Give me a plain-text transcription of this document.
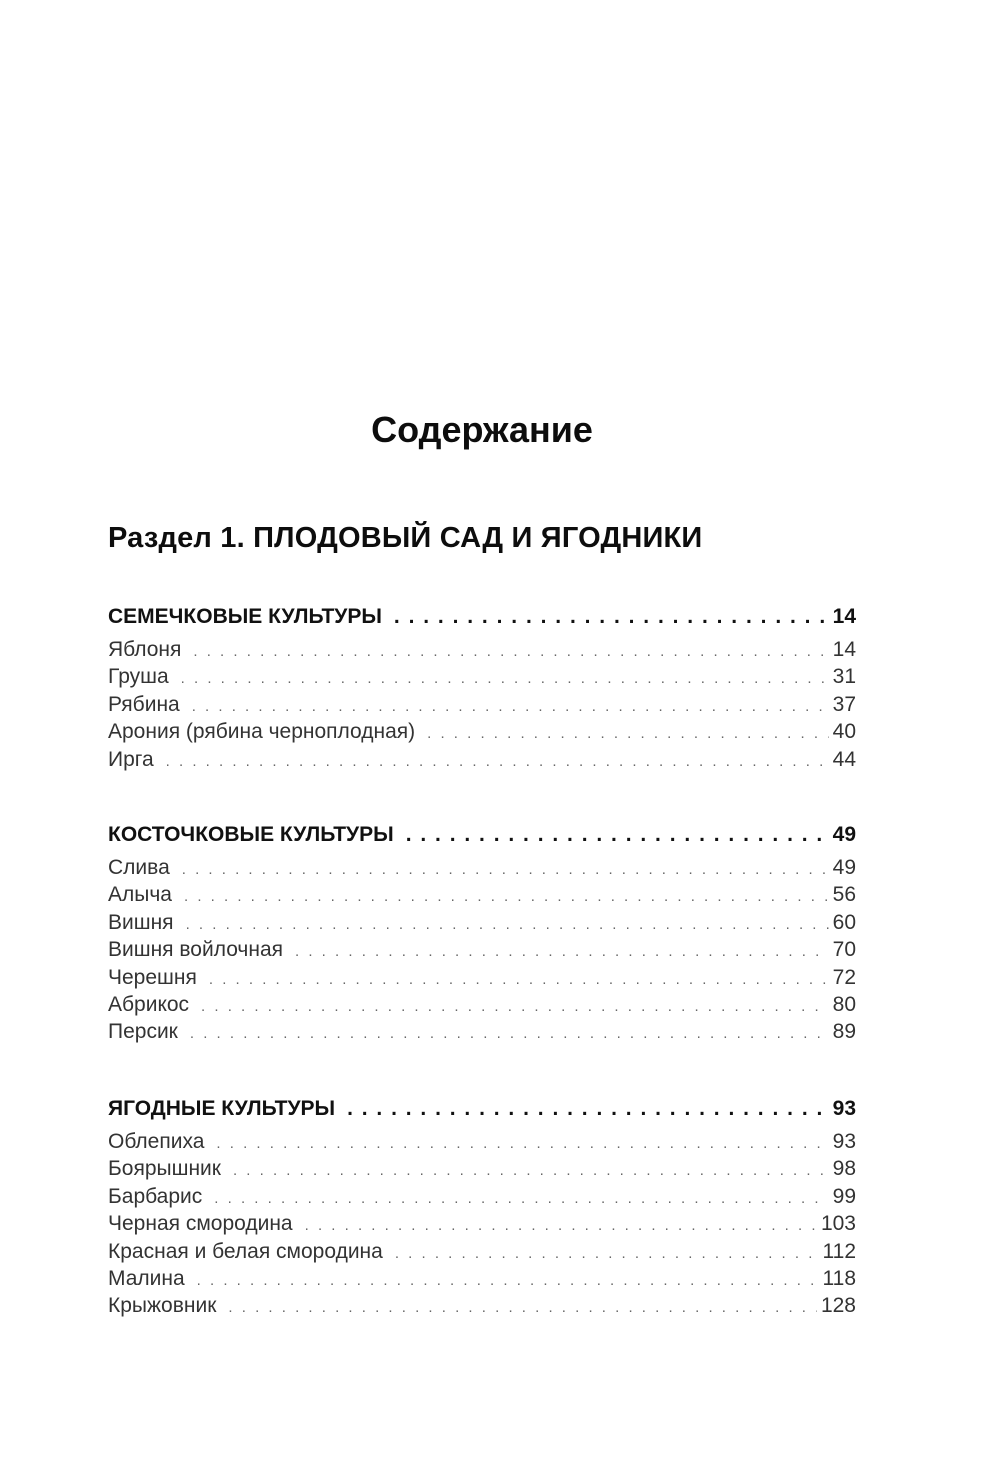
Содержание
Раздел 1. ПЛОДОВЫЙ САД И ЯГОДНИКИ
СЕМЕЧКОВЫЕ КУЛЬТУРЫ . . .	14
Яблоня . . .	14
Груша . . .	31
Рябина . . .	37
Арония (рябина черноплодная) . . .	40
Ирга . . .	44
КОСТОЧКОВЫЕ КУЛЬТУРЫ . . .	49
Слива . . .	49
Алыча . . .	56
Вишня . . .	60
Вишня войлочная . . .	70
Черешня . . .	72
Абрикос . . .	80
Персик . . .	89
ЯГОДНЫЕ КУЛЬТУРЫ . . .	93
Облепиха . . .	93
Боярышник . . .	98
Барбарис . . .	99
Черная смородина . . .	103
Красная и белая смородина . . .	112
Малина . . .	118
Крыжовник . . .	128
